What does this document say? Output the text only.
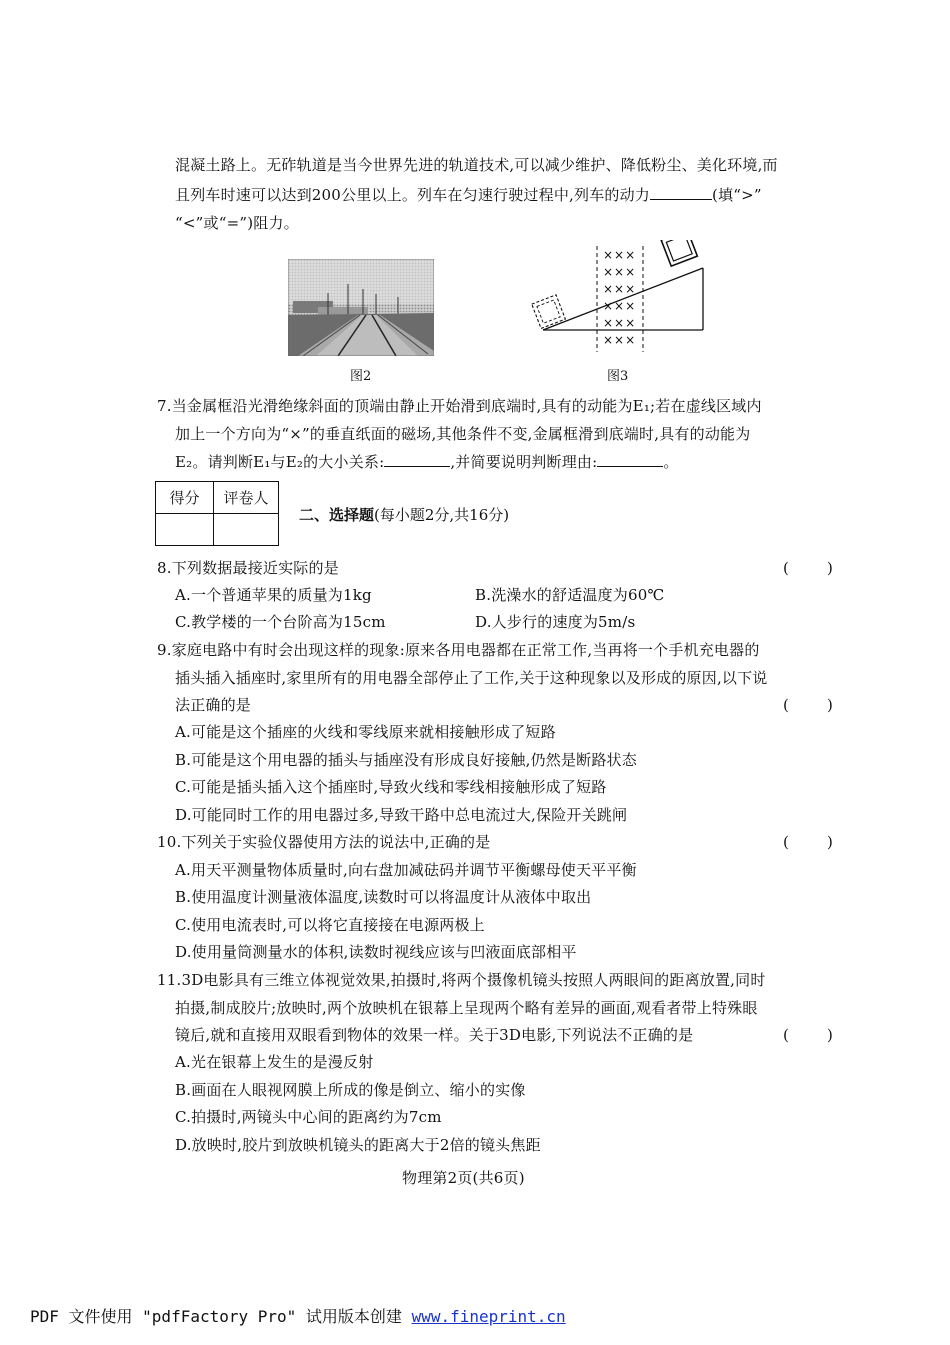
混凝土路上。无砟轨道是当今世界先进的轨道技术,可以减少维护、降低粉尘、美化环境,而
且列车时速可以达到200公里以上。列车在匀速行驶过程中,列车的动力	(填“>”
“<”或“=”)阻力。
图2
×××
×××
×××
×××
×××
×××
图3
7.当金属框沿光滑绝缘斜面的顶端由静止开始滑到底端时,具有的动能为E₁;若在虚线区域内
加上一个方向为“×”的垂直纸面的磁场,其他条件不变,金属框滑到底端时,具有的动能为
E₂。请判断E₁与E₂的大小关系:	,并简要说明判断理由:	。
得分	评卷人

二、选择题(每小题2分,共16分)
8.下列数据最接近实际的是	(        )
A.一个普通苹果的质量为1kg	B.洗澡水的舒适温度为60℃
C.教学楼的一个台阶高为15cm	D.人步行的速度为5m/s
9.家庭电路中有时会出现这样的现象:原来各用电器都在正常工作,当再将一个手机充电器的
插头插入插座时,家里所有的用电器全部停止了工作,关于这种现象以及形成的原因,以下说
法正确的是	(        )
A.可能是这个插座的火线和零线原来就相接触形成了短路
B.可能是这个用电器的插头与插座没有形成良好接触,仍然是断路状态
C.可能是插头插入这个插座时,导致火线和零线相接触形成了短路
D.可能同时工作的用电器过多,导致干路中总电流过大,保险开关跳闸
10.下列关于实验仪器使用方法的说法中,正确的是	(        )
A.用天平测量物体质量时,向右盘加减砝码并调节平衡螺母使天平平衡
B.使用温度计测量液体温度,读数时可以将温度计从液体中取出
C.使用电流表时,可以将它直接接在电源两极上
D.使用量筒测量水的体积,读数时视线应该与凹液面底部相平
11.3D电影具有三维立体视觉效果,拍摄时,将两个摄像机镜头按照人两眼间的距离放置,同时
拍摄,制成胶片;放映时,两个放映机在银幕上呈现两个略有差异的画面,观看者带上特殊眼
镜后,就和直接用双眼看到物体的效果一样。关于3D电影,下列说法不正确的是	(        )
A.光在银幕上发生的是漫反射
B.画面在人眼视网膜上所成的像是倒立、缩小的实像
C.拍摄时,两镜头中心间的距离约为7cm
D.放映时,胶片到放映机镜头的距离大于2倍的镜头焦距
物理第2页(共6页)
PDF 文件使用 "pdfFactory Pro" 试用版本创建 www.fineprint.cn
